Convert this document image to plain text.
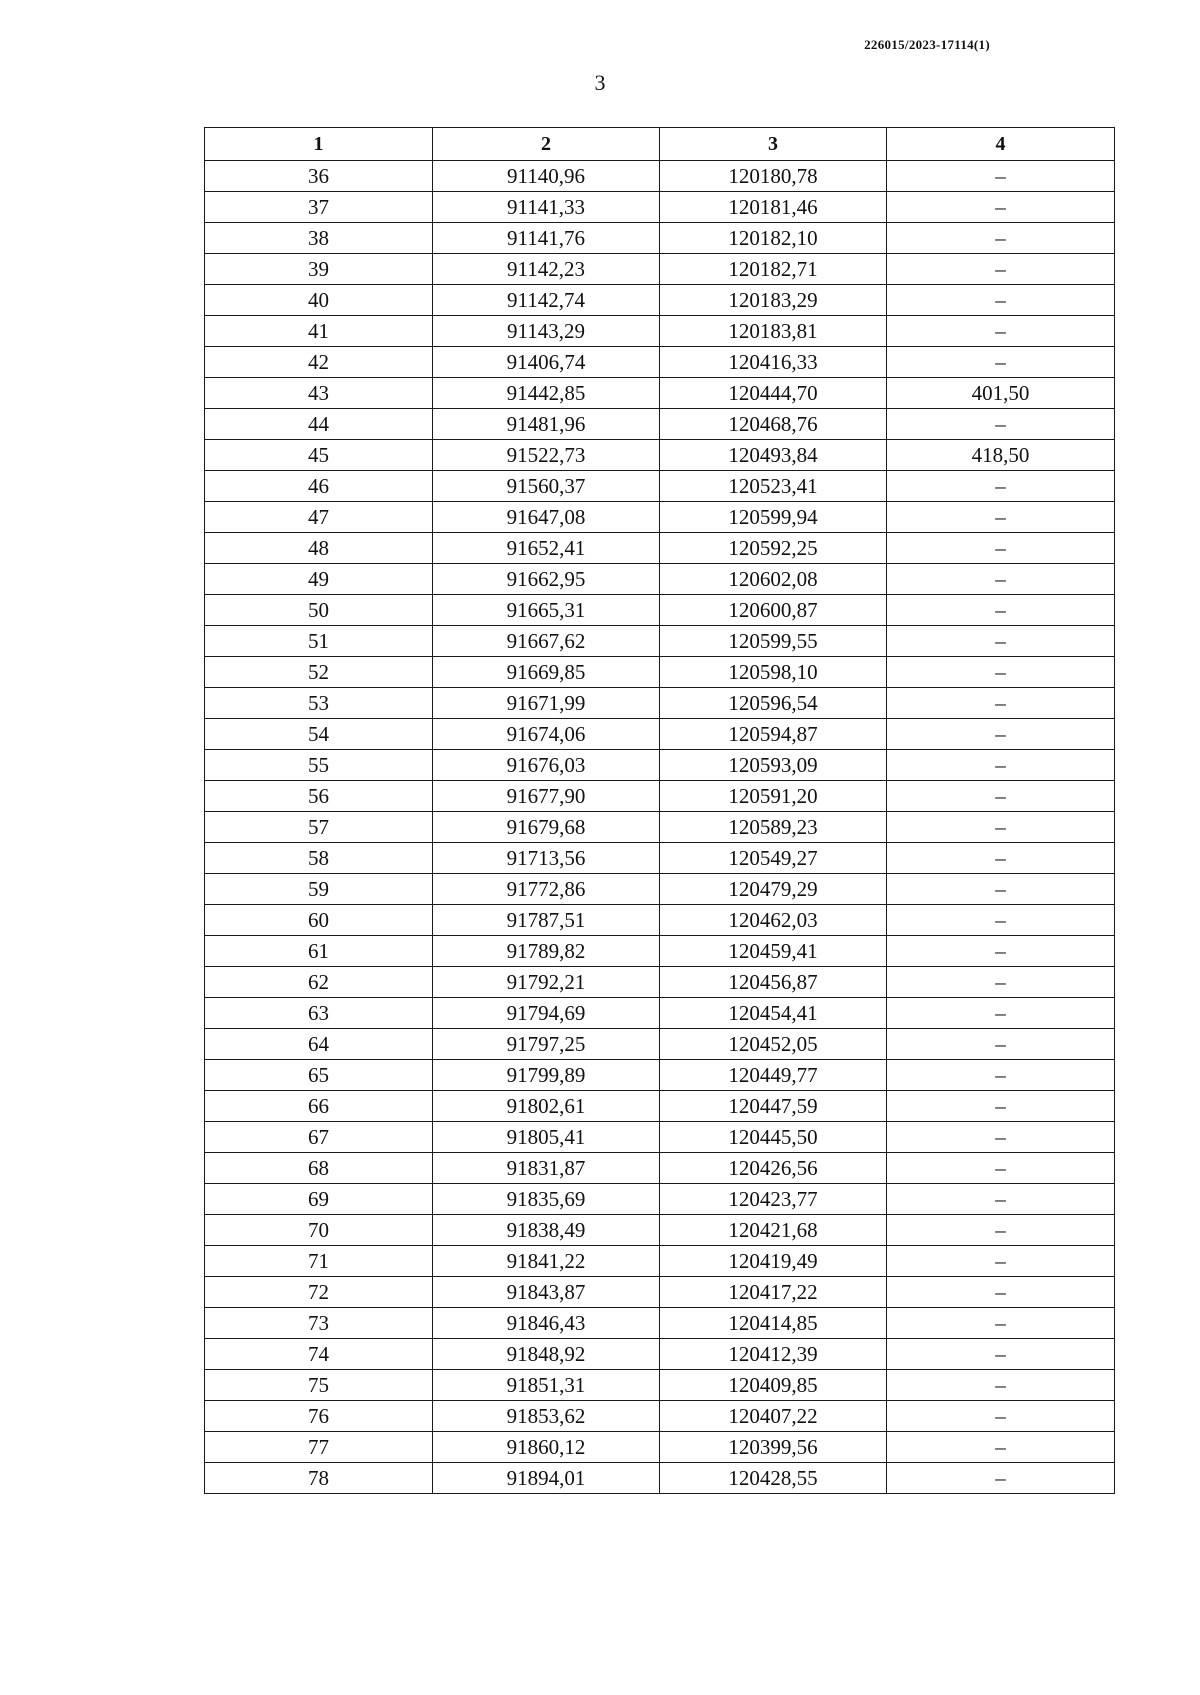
226015/2023-17114(1)
3
1	2	3	4
36	91140,96	120180,78	–
37	91141,33	120181,46	–
38	91141,76	120182,10	–
39	91142,23	120182,71	–
40	91142,74	120183,29	–
41	91143,29	120183,81	–
42	91406,74	120416,33	–
43	91442,85	120444,70	401,50
44	91481,96	120468,76	–
45	91522,73	120493,84	418,50
46	91560,37	120523,41	–
47	91647,08	120599,94	–
48	91652,41	120592,25	–
49	91662,95	120602,08	–
50	91665,31	120600,87	–
51	91667,62	120599,55	–
52	91669,85	120598,10	–
53	91671,99	120596,54	–
54	91674,06	120594,87	–
55	91676,03	120593,09	–
56	91677,90	120591,20	–
57	91679,68	120589,23	–
58	91713,56	120549,27	–
59	91772,86	120479,29	–
60	91787,51	120462,03	–
61	91789,82	120459,41	–
62	91792,21	120456,87	–
63	91794,69	120454,41	–
64	91797,25	120452,05	–
65	91799,89	120449,77	–
66	91802,61	120447,59	–
67	91805,41	120445,50	–
68	91831,87	120426,56	–
69	91835,69	120423,77	–
70	91838,49	120421,68	–
71	91841,22	120419,49	–
72	91843,87	120417,22	–
73	91846,43	120414,85	–
74	91848,92	120412,39	–
75	91851,31	120409,85	–
76	91853,62	120407,22	–
77	91860,12	120399,56	–
78	91894,01	120428,55	–
